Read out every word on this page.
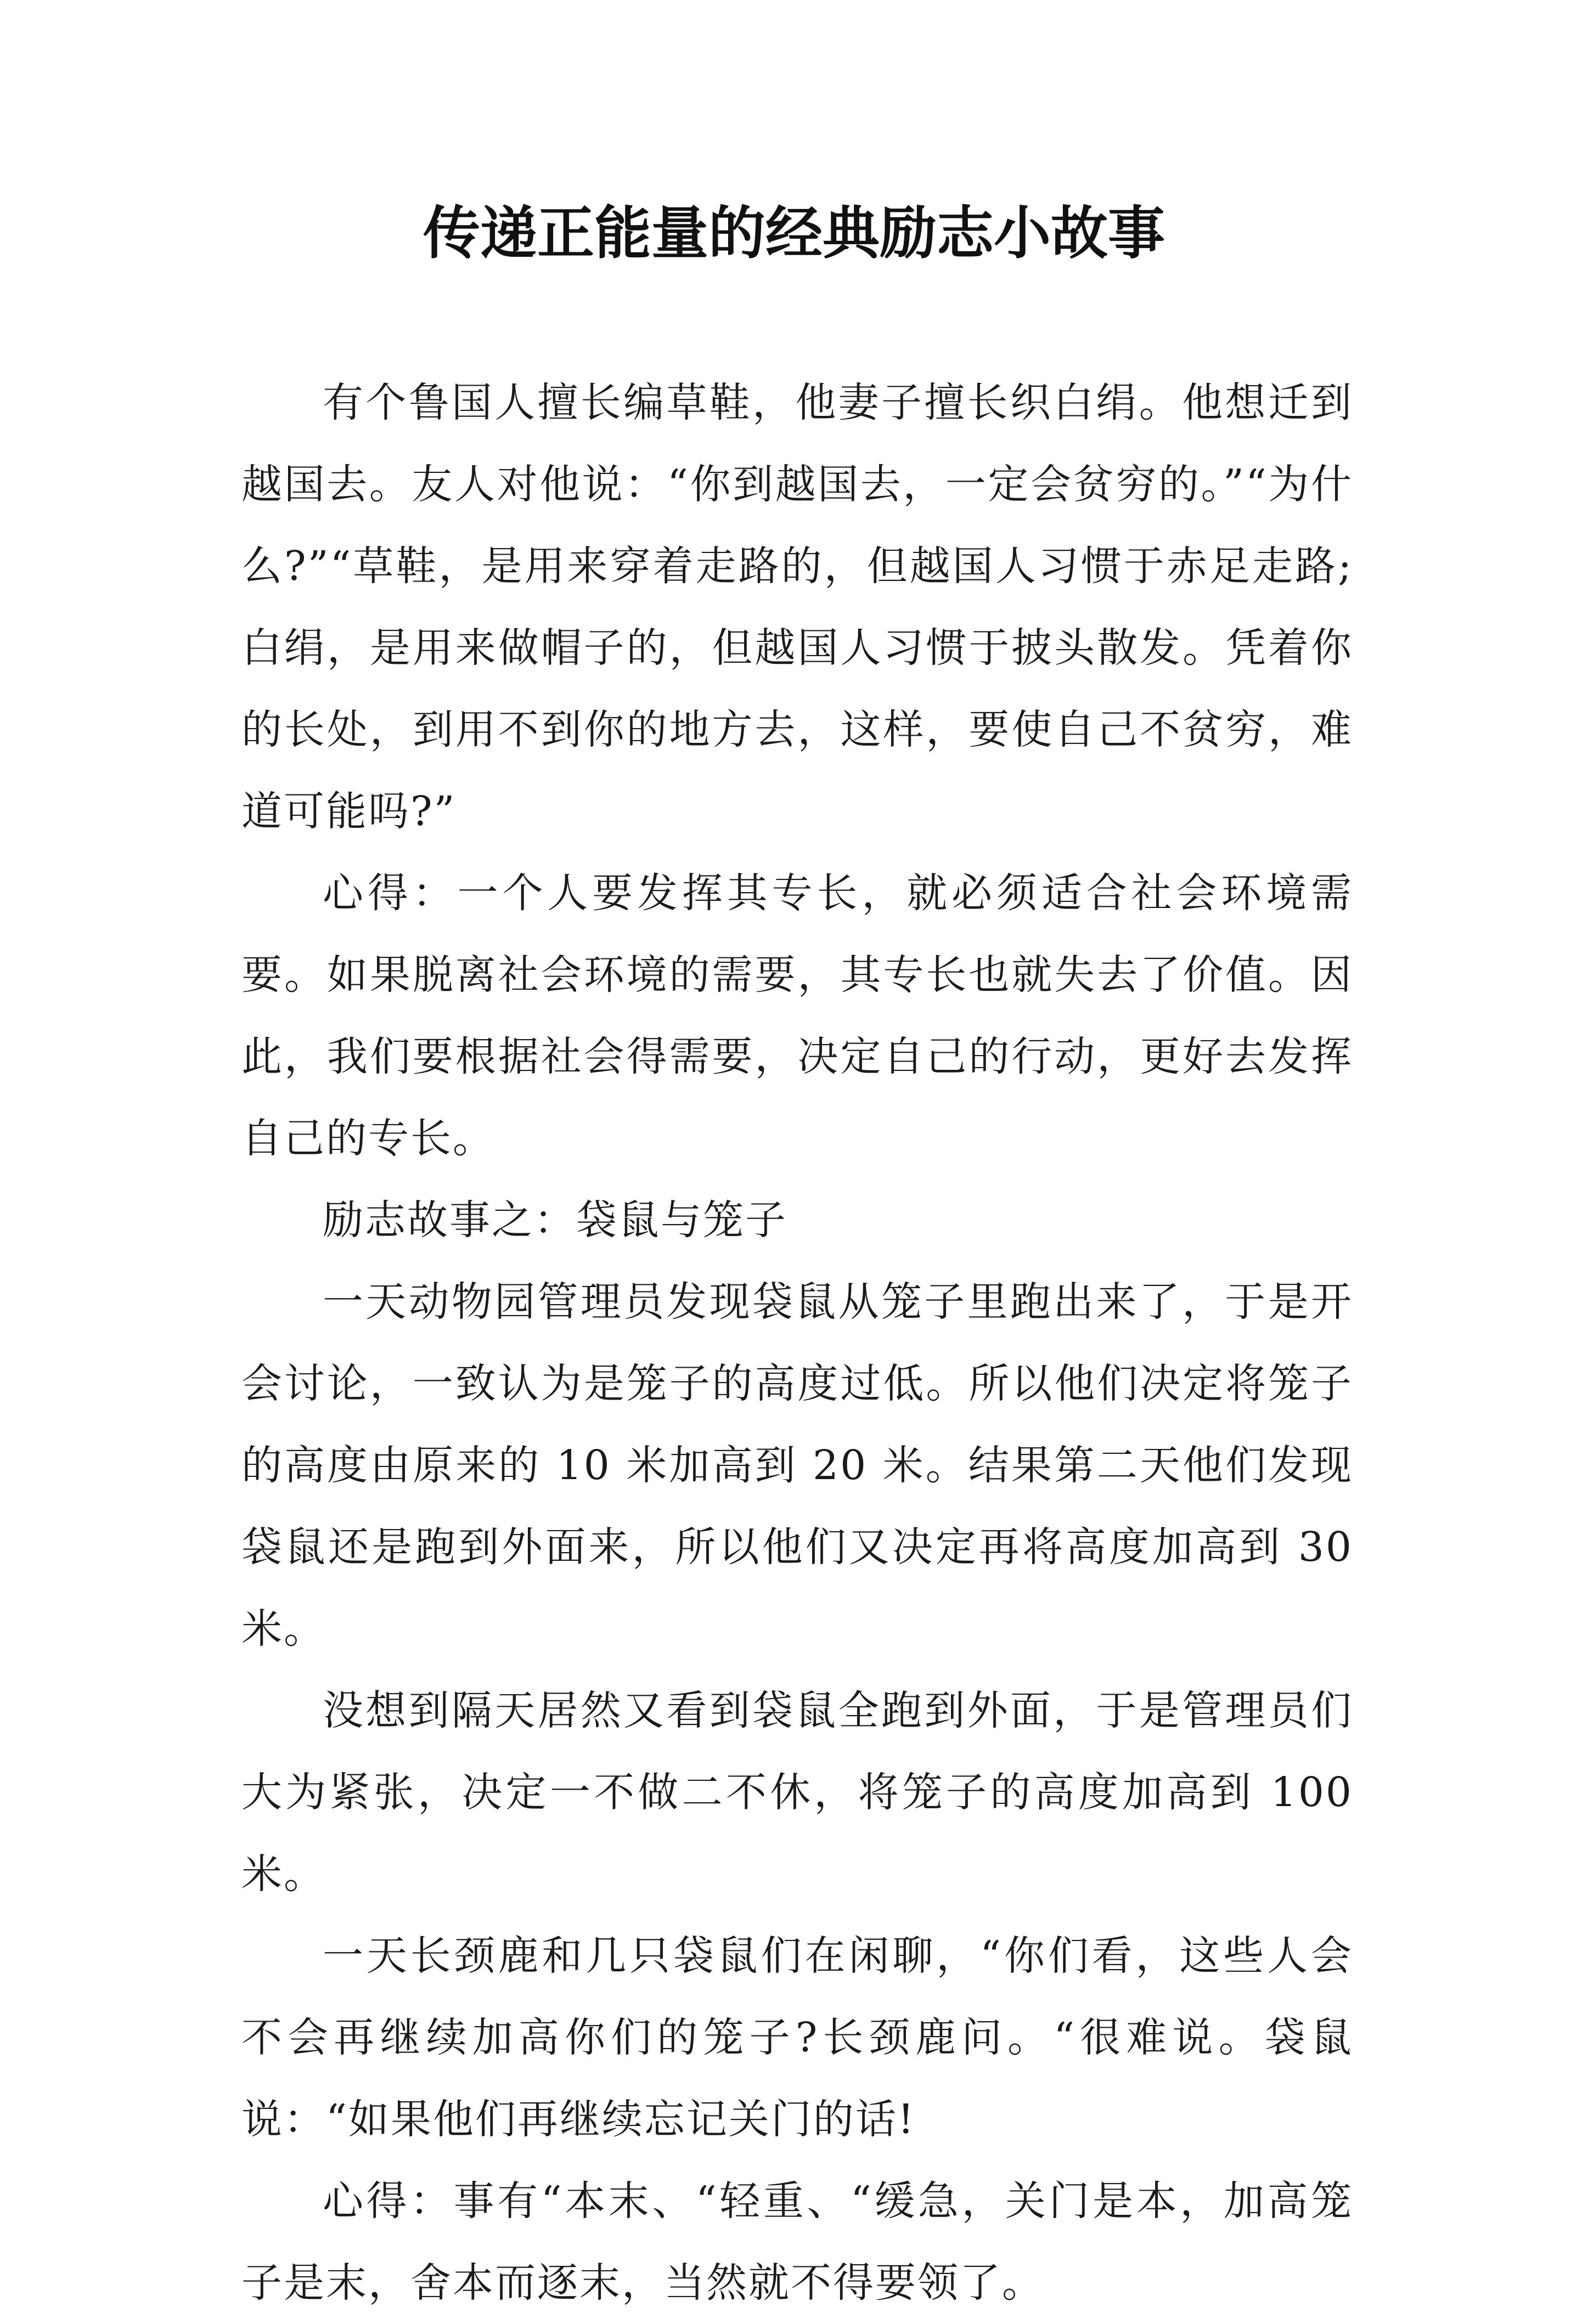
传递正能量的经典励志小故事

有个鲁国人擅长编草鞋，他妻子擅长织白绢。他想迁到越国去。友人对他说：“你到越国去，一定会贫穷的。”“为什么?”“草鞋，是用来穿着走路的，但越国人习惯于赤足走路;白绢，是用来做帽子的，但越国人习惯于披头散发。凭着你的长处，到用不到你的地方去，这样，要使自己不贫穷，难道可能吗?”

心得：一个人要发挥其专长，就必须适合社会环境需要。如果脱离社会环境的需要，其专长也就失去了价值。因此，我们要根据社会得需要，决定自己的行动，更好去发挥自己的专长。

励志故事之：袋鼠与笼子

一天动物园管理员发现袋鼠从笼子里跑出来了，于是开会讨论，一致认为是笼子的高度过低。所以他们决定将笼子的高度由原来的 10 米加高到 20 米。结果第二天他们发现袋鼠还是跑到外面来，所以他们又决定再将高度加高到 30 米。

没想到隔天居然又看到袋鼠全跑到外面，于是管理员们大为紧张，决定一不做二不休，将笼子的高度加高到 100 米。

一天长颈鹿和几只袋鼠们在闲聊，“你们看，这些人会不会再继续加高你们的笼子?长颈鹿问。“很难说。袋鼠说：“如果他们再继续忘记关门的话!

心得：事有“本末、“轻重、“缓急，关门是本，加高笼子是末，舍本而逐末，当然就不得要领了。
